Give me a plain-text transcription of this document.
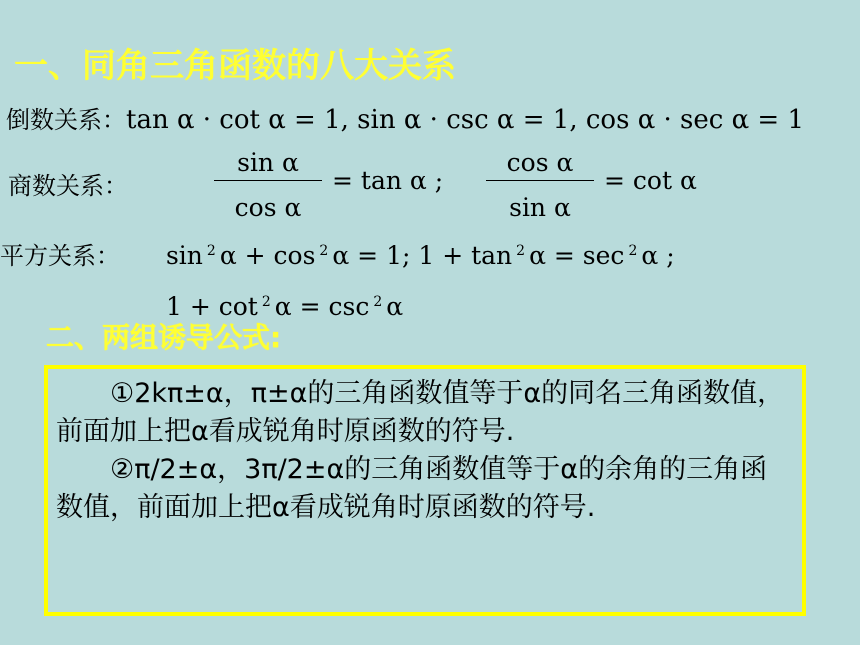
一、同角三角函数的八大关系
倒数关系：tan α · cot α = 1, sin α · csc α = 1, cos α · sec α = 1
商数关系：
sin α
cos α
= tan α ;
cos α
sin α
= cot α
平方关系： sin $^2$ α + cos $^2$ α = 1; 1 + tan $^2$ α = sec $^2$ α ;
1 + cot $^2$ α = csc $^2$ α
二、两组诱导公式:

①2kπ±α，π±α的三角函数值等于α的同名三角函数值，前面加上把α看成锐角时原函数的符号.

②π/2±α，3π/2±α的三角函数值等于α的余角的三角函数值，前面加上把α看成锐角时原函数的符号.
